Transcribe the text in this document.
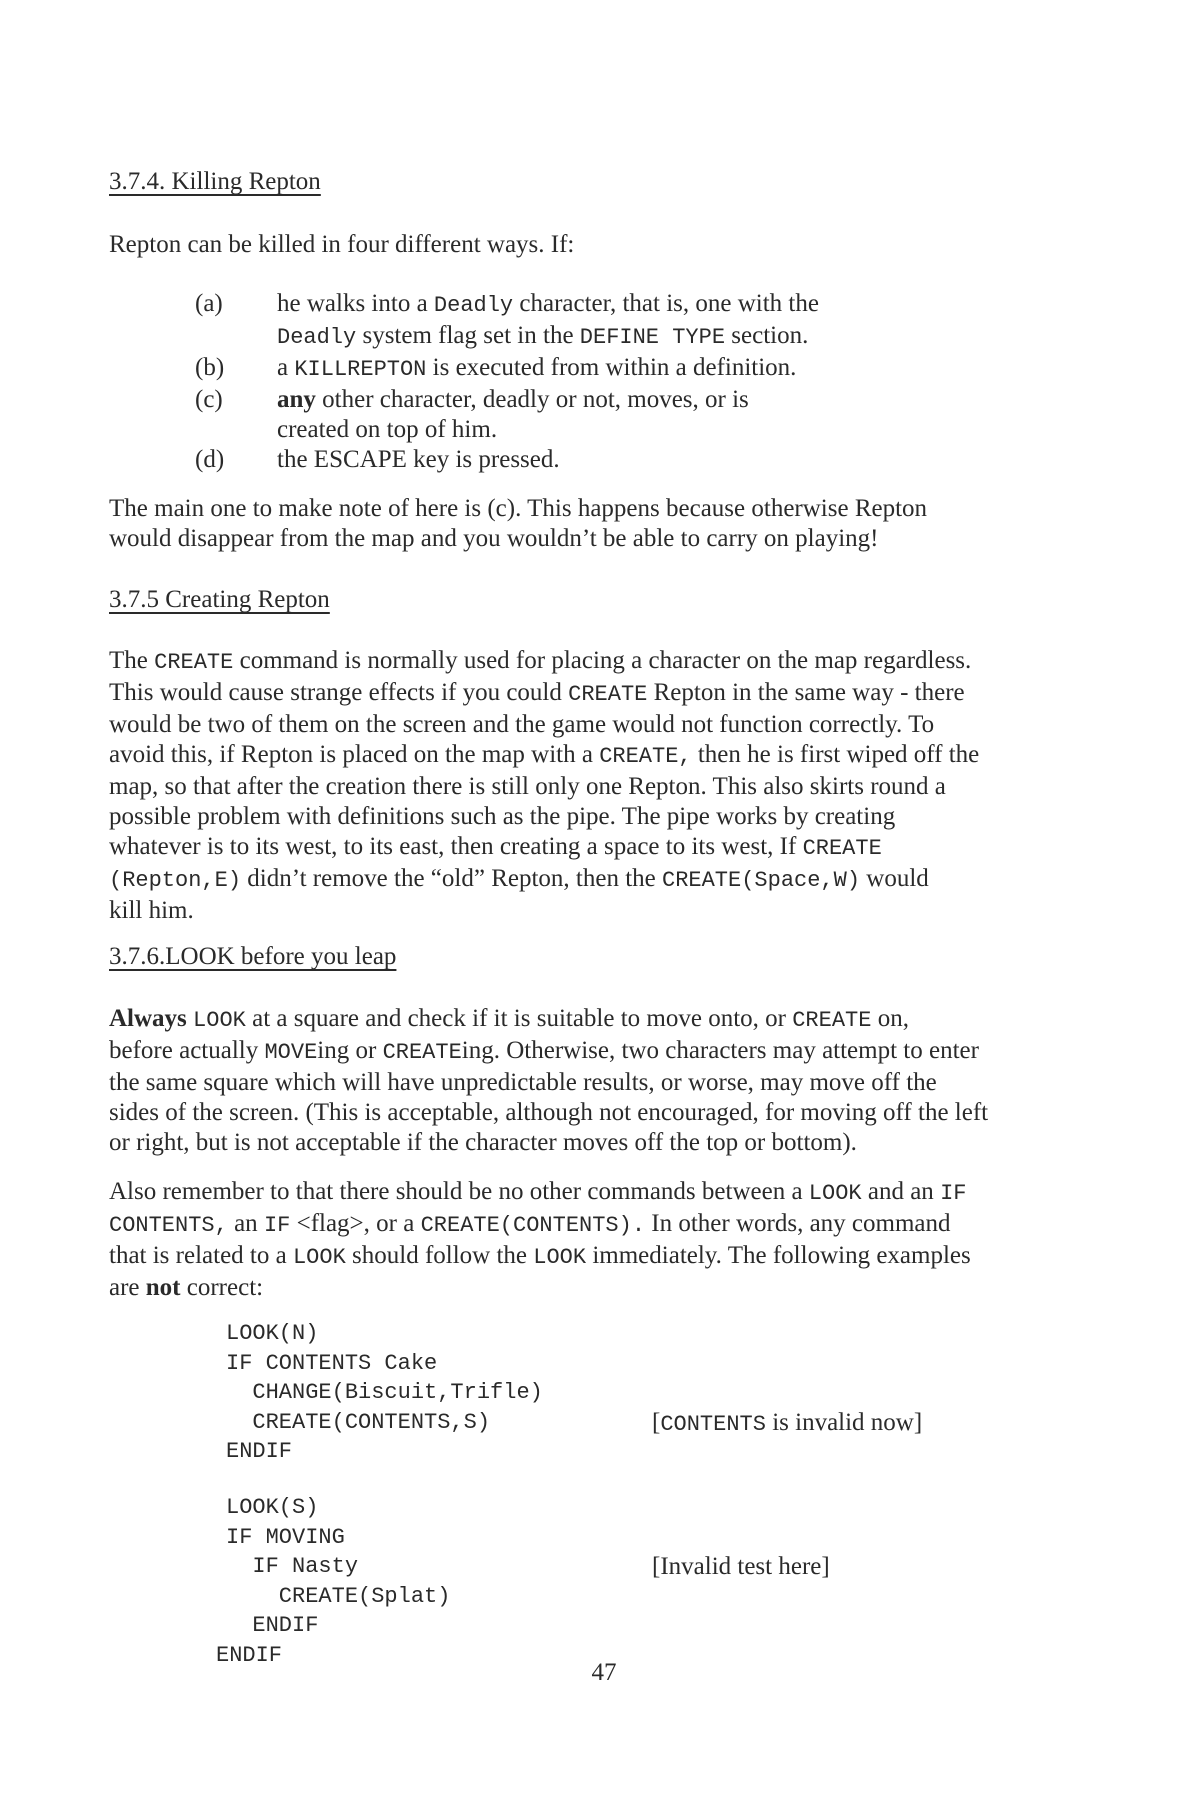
3.7.4. Killing Repton
Repton can be killed in four different ways. If:
(a) he walks into a Deadly character, that is, one with the
Deadly system flag set in the DEFINE TYPE section.
(b) a KILLREPTON is executed from within a definition.
(c) any other character, deadly or not, moves, or is
created on top of him.
(d) the ESCAPE key is pressed.
The main one to make note of here is (c). This happens because otherwise Repton
would disappear from the map and you wouldn’t be able to carry on playing!
3.7.5 Creating Repton
The CREATE command is normally used for placing a character on the map regardless.
This would cause strange effects if you could CREATE Repton in the same way - there
would be two of them on the screen and the game would not function correctly. To
avoid this, if Repton is placed on the map with a CREATE, then he is first wiped off the
map, so that after the creation there is still only one Repton. This also skirts round a
possible problem with definitions such as the pipe. The pipe works by creating
whatever is to its west, to its east, then creating a space to its west, If CREATE
(Repton,E) didn’t remove the “old” Repton, then the CREATE(Space,W) would
kill him.
3.7.6.LOOK before you leap
Always LOOK at a square and check if it is suitable to move onto, or CREATE on,
before actually MOVEing or CREATEing. Otherwise, two characters may attempt to enter
the same square which will have unpredictable results, or worse, may move off the
sides of the screen. (This is acceptable, although not encouraged, for moving off the left
or right, but is not acceptable if the character moves off the top or bottom).
Also remember to that there should be no other commands between a LOOK and an IF
CONTENTS, an IF <flag>, or a CREATE(CONTENTS). In other words, any command
that is related to a LOOK should follow the LOOK immediately. The following examples
are not correct:
LOOK(N)
IF CONTENTS Cake
CHANGE(Biscuit,Trifle)
CREATE(CONTENTS,S)	[CONTENTS is invalid now]
ENDIF
LOOK(S)
IF MOVING
IF Nasty	[Invalid test here]
CREATE(Splat)
ENDIF
ENDIF
47
